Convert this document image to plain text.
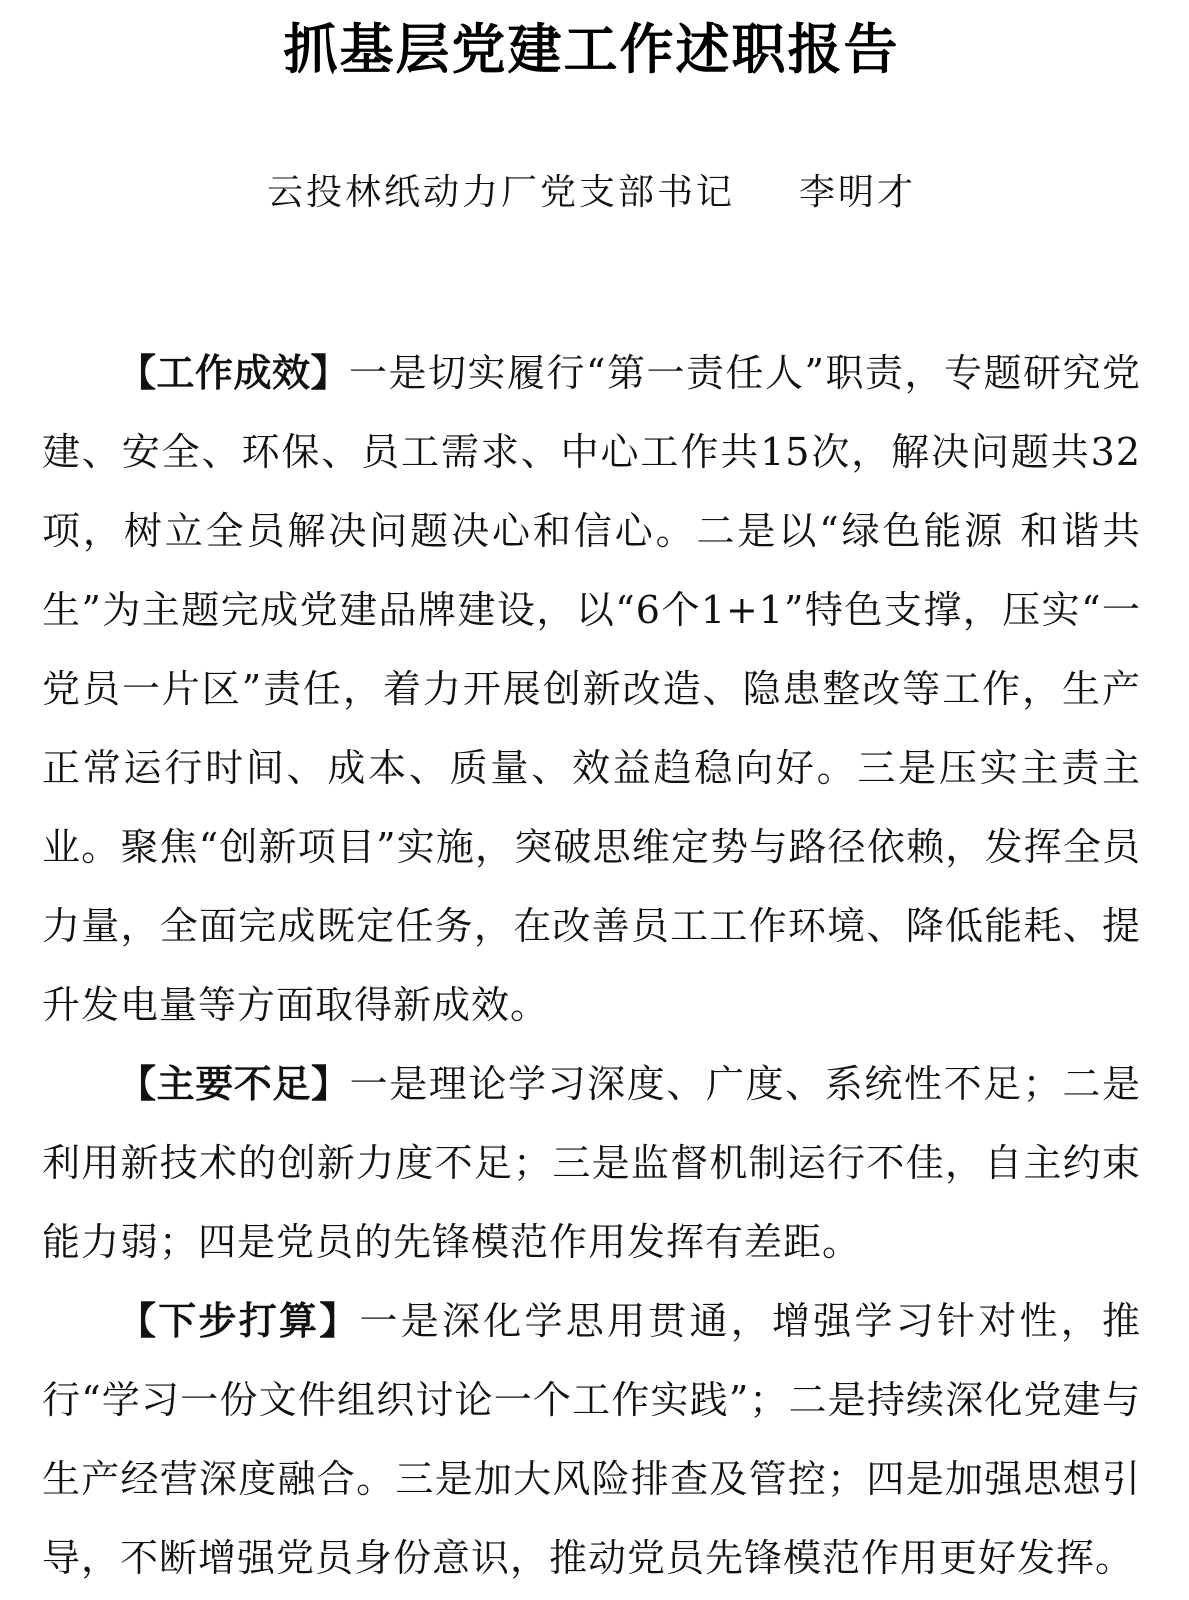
抓基层党建工作述职报告

云投林纸动力厂党支部书记 李明才

【工作成效】一是切实履行“第一责任人”职责，专题研究党建、安全、环保、员工需求、中心工作共15次，解决问题共32项，树立全员解决问题决心和信心。二是以“绿色能源 和谐共生”为主题完成党建品牌建设，以“6个1+1”特色支撑，压实“一党员一片区”责任，着力开展创新改造、隐患整改等工作，生产正常运行时间、成本、质量、效益趋稳向好。三是压实主责主业。聚焦“创新项目”实施，突破思维定势与路径依赖，发挥全员力量，全面完成既定任务，在改善员工工作环境、降低能耗、提升发电量等方面取得新成效。

【主要不足】一是理论学习深度、广度、系统性不足；二是利用新技术的创新力度不足；三是监督机制运行不佳，自主约束能力弱；四是党员的先锋模范作用发挥有差距。

【下步打算】一是深化学思用贯通，增强学习针对性，推行“学习一份文件组织讨论一个工作实践”；二是持续深化党建与生产经营深度融合。三是加大风险排查及管控；四是加强思想引导，不断增强党员身份意识，推动党员先锋模范作用更好发挥。
